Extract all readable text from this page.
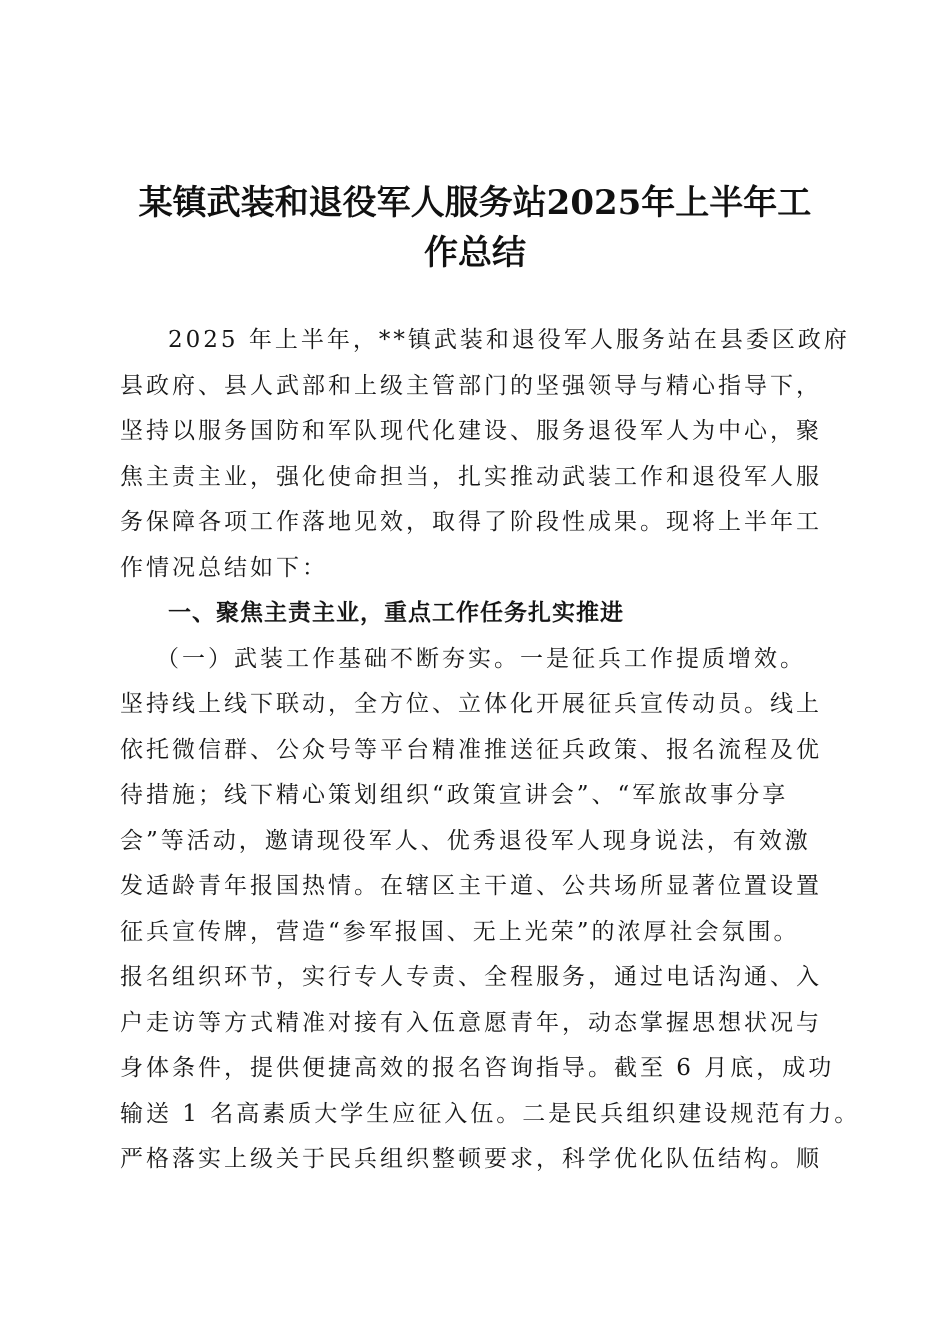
某镇武装和退役军人服务站2025年上半年工
作总结
2025 年上半年，**镇武装和退役军人服务站在县委区政府
县政府、县人武部和上级主管部门的坚强领导与精心指导下，
坚持以服务国防和军队现代化建设、服务退役军人为中心，聚
焦主责主业，强化使命担当，扎实推动武装工作和退役军人服
务保障各项工作落地见效，取得了阶段性成果。现将上半年工
作情况总结如下：
一、聚焦主责主业，重点工作任务扎实推进
（一）武装工作基础不断夯实。一是征兵工作提质增效。
坚持线上线下联动，全方位、立体化开展征兵宣传动员。线上
依托微信群、公众号等平台精准推送征兵政策、报名流程及优
待措施；线下精心策划组织“政策宣讲会”、“军旅故事分享
会”等活动，邀请现役军人、优秀退役军人现身说法，有效激
发适龄青年报国热情。在辖区主干道、公共场所显著位置设置
征兵宣传牌，营造“参军报国、无上光荣”的浓厚社会氛围。
报名组织环节，实行专人专责、全程服务，通过电话沟通、入
户走访等方式精准对接有入伍意愿青年，动态掌握思想状况与
身体条件，提供便捷高效的报名咨询指导。截至 6 月底，成功
输送 1 名高素质大学生应征入伍。二是民兵组织建设规范有力。
严格落实上级关于民兵组织整顿要求，科学优化队伍结构。顺
